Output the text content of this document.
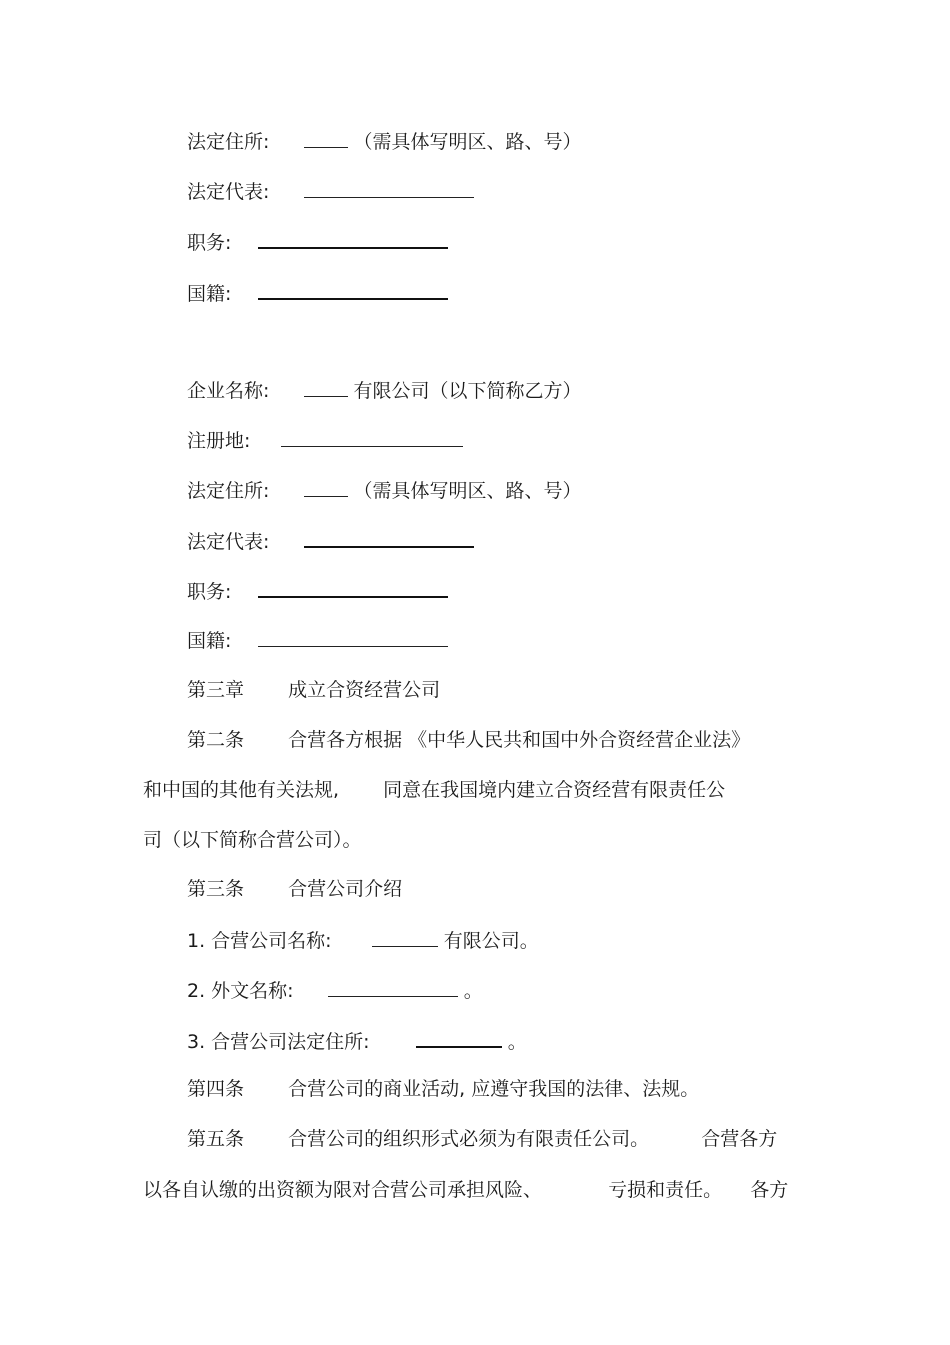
法定住所:	（需具体写明区、路、号）
法定代表:
职务:
国籍:
企业名称:	有限公司（以下简称乙方）
注册地:
法定住所:	（需具体写明区、路、号）
法定代表:
职务:
国籍:
第三章 成立合资经营公司
第二条 合营各方根据 《中华人民共和国中外合资经营企业法》
和中国的其他有关法规, 同意在我国境内建立合资经营有限责任公
司（以下简称合营公司）。
第三条 合营公司介绍
1. 合营公司名称:	有限公司。
2. 外文名称:	。
3. 合营公司法定住所:	。
第四条 合营公司的商业活动, 应遵守我国的法律、法规。
第五条 合营公司的组织形式必须为有限责任公司。	合营各方
以各自认缴的出资额为限对合营公司承担风险、	亏损和责任。 各方
